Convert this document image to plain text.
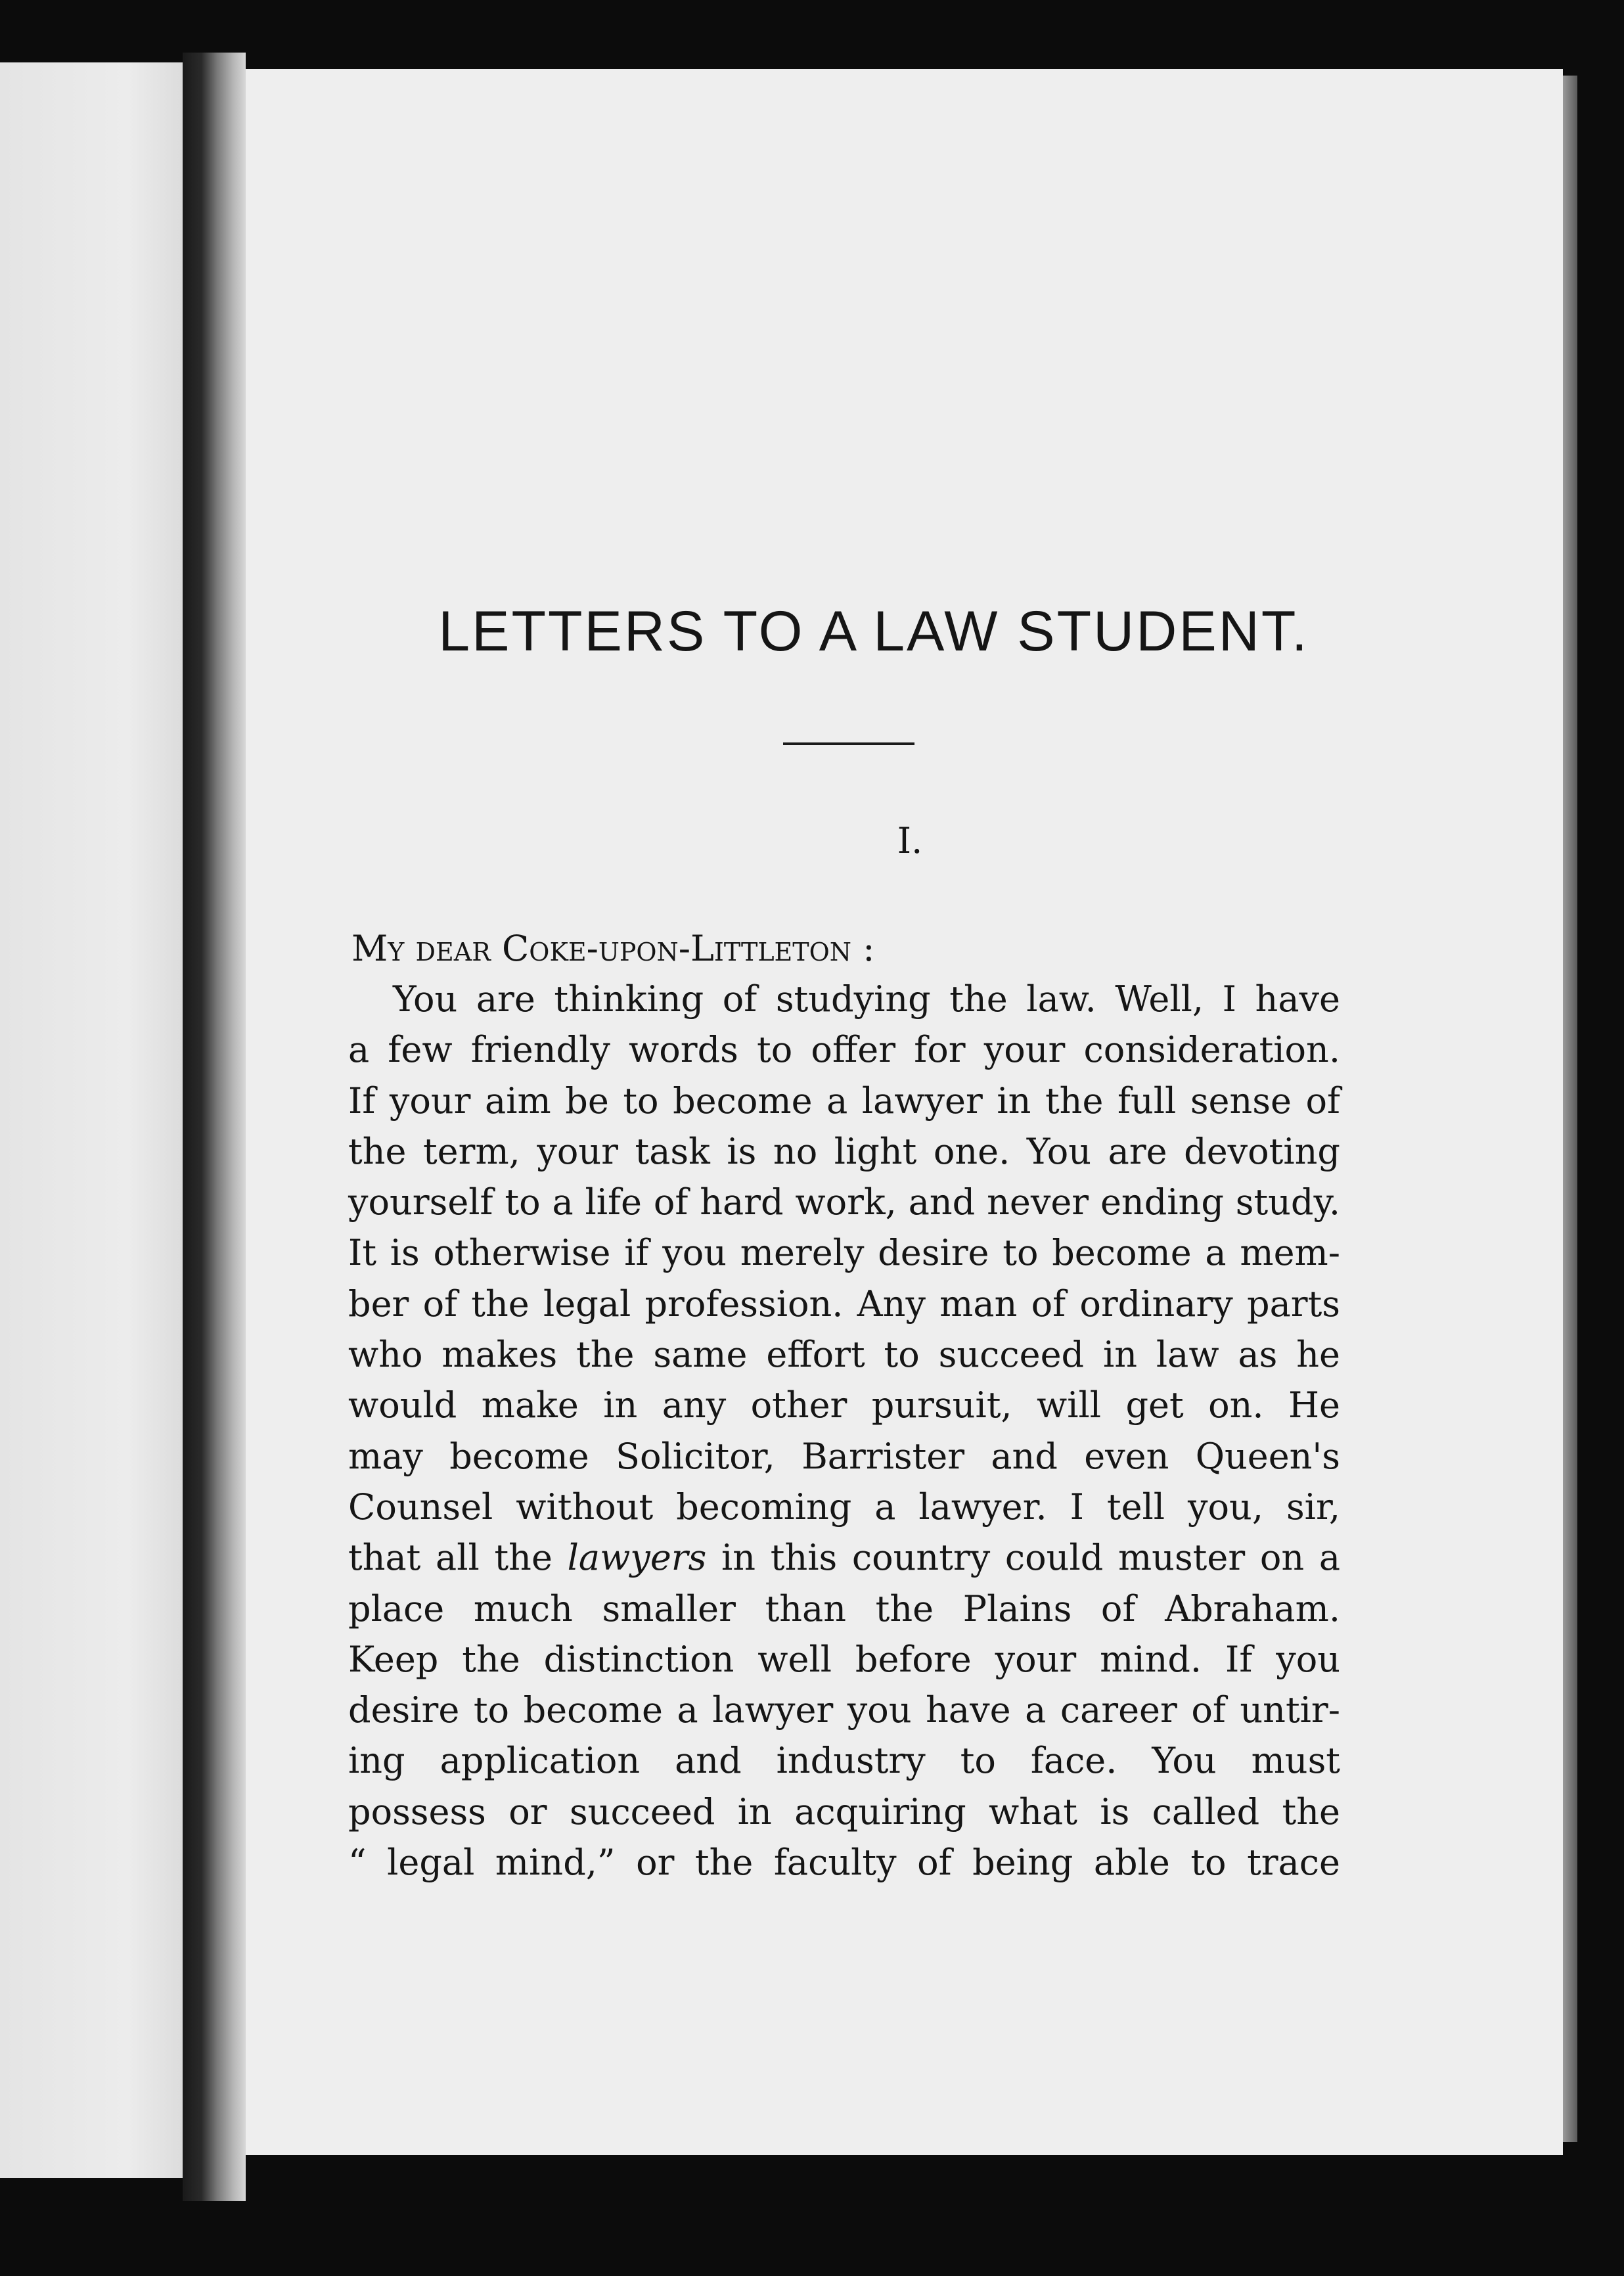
LETTERS TO A LAW STUDENT.

I.

My dear Coke-upon-Littleton :

You are thinking of studying the law. Well, I have
a few friendly words to offer for your consideration.
If your aim be to become a lawyer in the full sense of
the term, your task is no light one. You are devoting
yourself to a life of hard work, and never ending study.
It is otherwise if you merely desire to become a mem-
ber of the legal profession. Any man of ordinary parts
who makes the same effort to succeed in law as he
would make in any other pursuit, will get on. He
may become Solicitor, Barrister and even Queen's
Counsel without becoming a lawyer. I tell you, sir,
that all the lawyers in this country could muster on a
place much smaller than the Plains of Abraham.
Keep the distinction well before your mind. If you
desire to become a lawyer you have a career of untir-
ing application and industry to face. You must
possess or succeed in acquiring what is called the
“ legal mind,” or the faculty of being able to trace
